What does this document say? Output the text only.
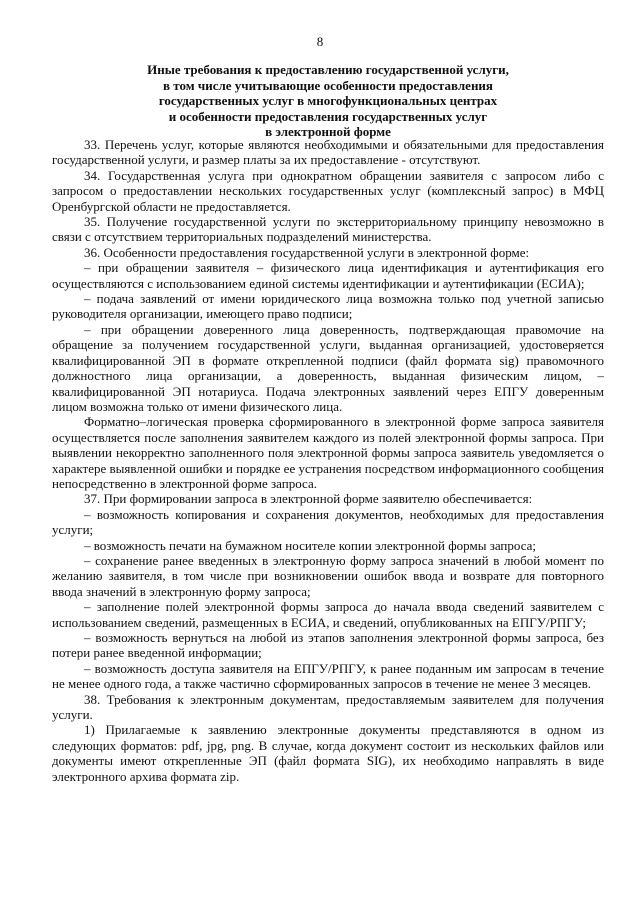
8
Иные требования к предоставлению государственной услуги,
в том числе учитывающие особенности предоставления
государственных услуг в многофункциональных центрах
и особенности предоставления государственных услуг
в электронной форме

33. Перечень услуг, которые являются необходимыми и обязательными для предоставления государственной услуги, и размер платы за их предоставление - отсутствуют.

34. Государственная услуга при однократном обращении заявителя с запросом либо с запросом о предоставлении нескольких государственных услуг (комплексный запрос) в МФЦ Оренбургской области не предоставляется.

35. Получение государственной услуги по экстерриториальному принципу невозможно в связи с отсутствием территориальных подразделений министерства.

36. Особенности предоставления государственной услуги в электронной форме:

– при обращении заявителя – физического лица идентификация и аутентификация его осуществляются с использованием единой системы идентификации и аутентификации (ЕСИА);

– подача заявлений от имени юридического лица возможна только под учетной записью руководителя организации, имеющего право подписи;

– при обращении доверенного лица доверенность, подтверждающая правомочие на обращение за получением государственной услуги, выданная организацией, удостоверяется квалифицированной ЭП в формате открепленной подписи (файл формата sig) правомочного должностного лица организации, а доверенность, выданная физическим лицом, – квалифицированной ЭП нотариуса. Подача электронных заявлений через ЕПГУ доверенным лицом возможна только от имени физического лица.

Форматно–логическая проверка сформированного в электронной форме запроса заявителя осуществляется после заполнения заявителем каждого из полей электронной формы запроса. При выявлении некорректно заполненного поля электронной формы запроса заявитель уведомляется о характере выявленной ошибки и порядке ее устранения посредством информационного сообщения непосредственно в электронной форме запроса.

37. При формировании запроса в электронной форме заявителю обеспечивается:

– возможность копирования и сохранения документов, необходимых для предоставления услуги;

– возможность печати на бумажном носителе копии электронной формы запроса;

– сохранение ранее введенных в электронную форму запроса значений в любой момент по желанию заявителя, в том числе при возникновении ошибок ввода и возврате для повторного ввода значений в электронную форму запроса;

– заполнение полей электронной формы запроса до начала ввода сведений заявителем с использованием сведений, размещенных в ЕСИА, и сведений, опубликованных на ЕПГУ/РПГУ;

– возможность вернуться на любой из этапов заполнения электронной формы запроса, без потери ранее введенной информации;

– возможность доступа заявителя на ЕПГУ/РПГУ, к ранее поданным им запросам в течение не менее одного года, а также частично сформированных запросов в течение не менее 3 месяцев.

38. Требования к электронным документам, предоставляемым заявителем для получения услуги.

1) Прилагаемые к заявлению электронные документы представляются в одном из следующих форматов: pdf, jpg, png. В случае, когда документ состоит из нескольких файлов или документы имеют открепленные ЭП (файл формата SIG), их необходимо направлять в виде электронного архива формата zip.
